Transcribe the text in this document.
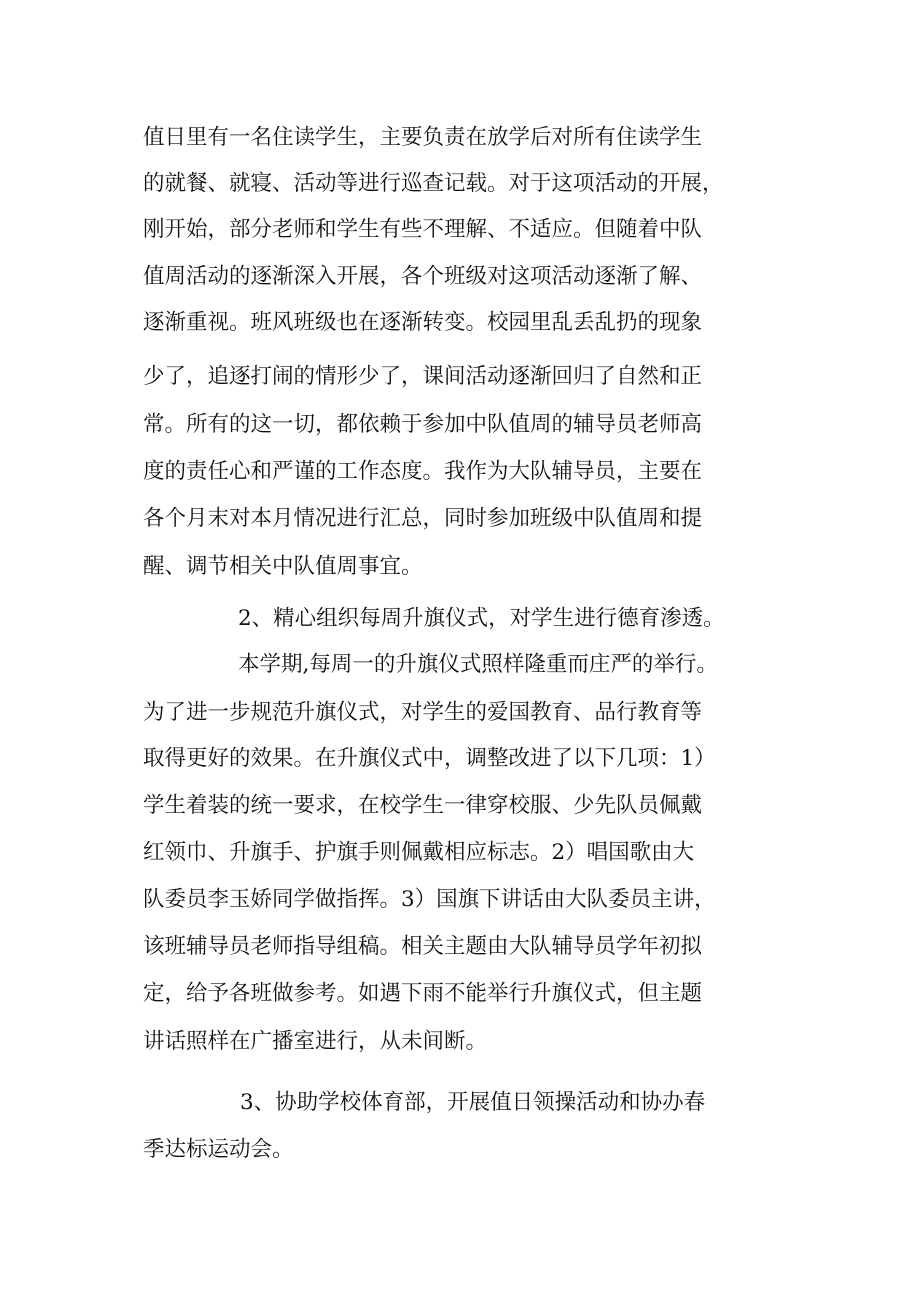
值日里有一名住读学生，主要负责在放学后对所有住读学生
的就餐、就寝、活动等进行巡查记载。对于这项活动的开展，
刚开始，部分老师和学生有些不理解、不适应。但随着中队
值周活动的逐渐深入开展，各个班级对这项活动逐渐了解、
逐渐重视。班风班级也在逐渐转变。校园里乱丢乱扔的现象
少了，追逐打闹的情形少了，课间活动逐渐回归了自然和正
常。所有的这一切，都依赖于参加中队值周的辅导员老师高
度的责任心和严谨的工作态度。我作为大队辅导员，主要在
各个月末对本月情况进行汇总，同时参加班级中队值周和提
醒、调节相关中队值周事宜。
2、精心组织每周升旗仪式，对学生进行德育渗透。
本学期,每周一的升旗仪式照样隆重而庄严的举行。
为了进一步规范升旗仪式，对学生的爱国教育、品行教育等
取得更好的效果。在升旗仪式中，调整改进了以下几项：1）
学生着装的统一要求，在校学生一律穿校服、少先队员佩戴
红领巾、升旗手、护旗手则佩戴相应标志。2）唱国歌由大
队委员李玉娇同学做指挥。3）国旗下讲话由大队委员主讲，
该班辅导员老师指导组稿。相关主题由大队辅导员学年初拟
定，给予各班做参考。如遇下雨不能举行升旗仪式，但主题
讲话照样在广播室进行，从未间断。
3、协助学校体育部，开展值日领操活动和协办春
季达标运动会。
